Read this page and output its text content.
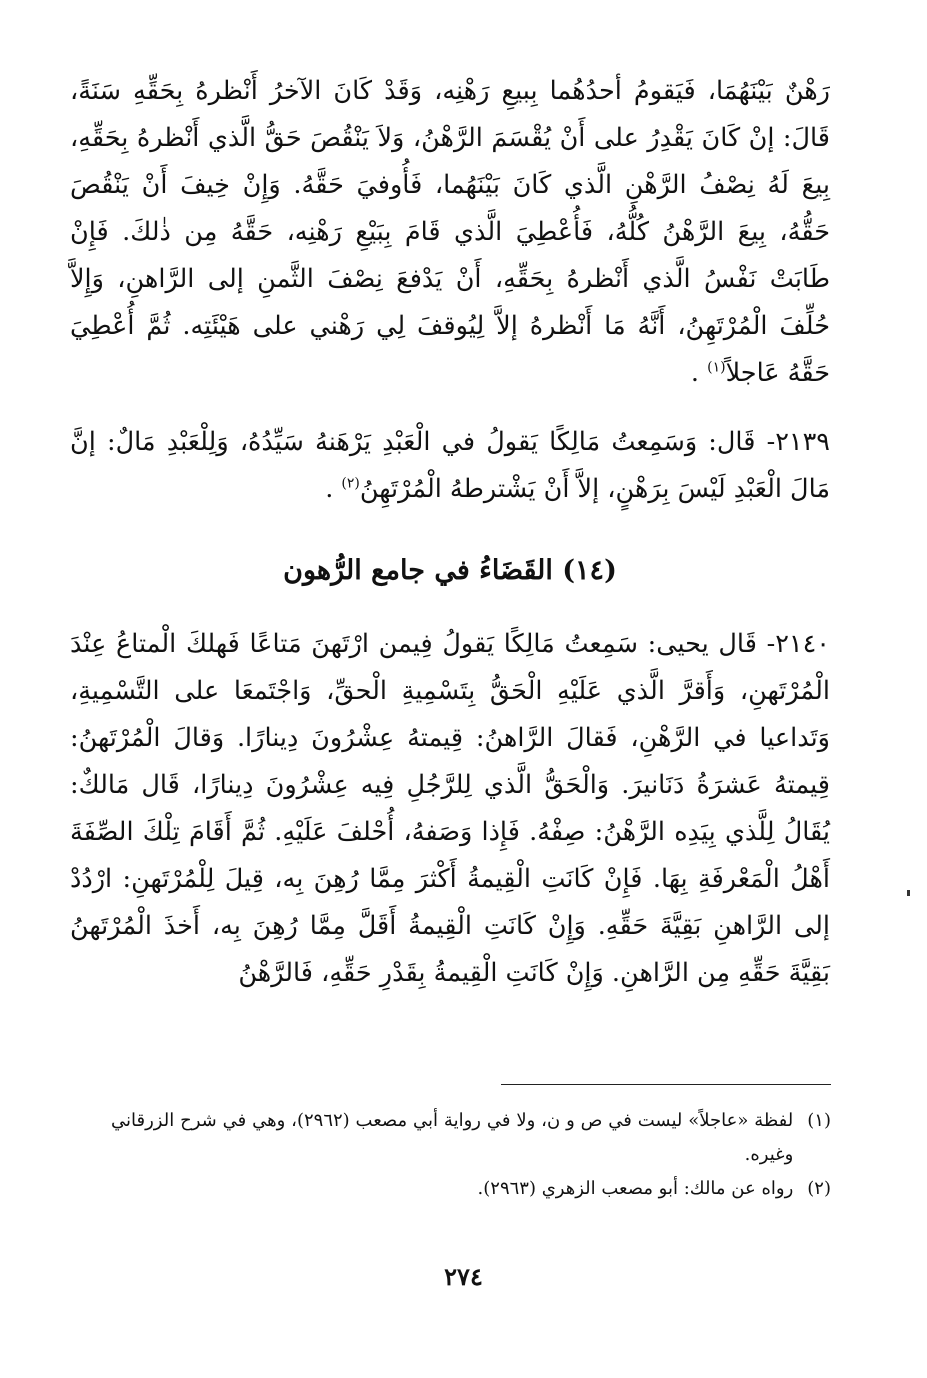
رَهْنٌ بَيْنَهُمَا، فَيَقومُ أحدُهُما بِبيعِ رَهْنِه، وَقَدْ كَانَ الآخرُ أَنْظرهُ بِحَقِّهِ سَنَةً، قَالَ: إنْ كَانَ يَقْدِرُ على أَنْ يُقْسَمَ الرَّهْنُ، وَلاَ يَنْقُصَ حَقُّ الَّذي أَنْظرهُ بِحَقِّهِ، بِيعَ لَهُ نِصْفُ الرَّهْنِ الَّذي كَانَ بَيْنَهُما، فَأُوفيَ حَقَّهُ. وَإِنْ خِيفَ أَنْ يَنْقُصَ حَقُّهُ، بِيعَ الرَّهْنُ كُلُّهُ، فَأُعْطِيَ الَّذي قَامَ بِبَيْعِ رَهْنِه، حَقَّهُ مِن ذٰلكَ. فَإِنْ طَابَتْ نَفْسُ الَّذي أَنْظرهُ بِحَقِّهِ، أَنْ يَدْفعَ نِصْفَ الثَّمنِ إلى الرَّاهنِ، وَإِلاَّ حُلِّفَ الْمُرْتَهِنُ، أَنَّهُ مَا أَنْظرهُ إلاَّ لِيُوقفَ لِي رَهْني على هَيْئَتِه. ثُمَّ أُعْطِيَ حَقَّهُ عَاجلاً$^{(١)}$ .

٢١٣٩- قَال: وَسَمِعتُ مَالِكًا يَقولُ في الْعَبْدِ يَرْهَنهُ سَيِّدُهُ، وَلِلْعَبْدِ مَالٌ: إنَّ مَالَ الْعَبْدِ لَيْسَ بِرَهْنٍ، إلاَّ أَنْ يَشْترطهُ الْمُرْتَهِنُ$^{(٢)}$ .

(١٤) القَضَاءُ في جامع الرُّهون

٢١٤٠- قَال يحيى: سَمِعتُ مَالِكًا يَقولُ فِيمن ارْتَهنَ مَتاعًا فَهلكَ الْمتاعُ عِنْدَ الْمُرْتَهنِ، وَأَقرَّ الَّذي عَلَيْهِ الْحَقُّ بِتَسْمِيةِ الْحقِّ، وَاجْتَمعَا على التَّسْمِيةِ، وَتَداعيا في الرَّهْنِ، فَقالَ الرَّاهنُ: قِيمتهُ عِشْرُونَ دِينارًا. وَقالَ الْمُرْتَهنُ: قِيمتهُ عَشرَةُ دَنَانيرَ. وَالْحَقُّ الَّذي لِلرَّجُلِ فِيه عِشْرُونَ دِينارًا، قَال مَالكٌ: يُقَالُ لِلَّذي بِيَدِه الرَّهْنُ: صِفْهُ. فَإِذا وَصَفهُ، أُحْلفَ عَلَيْهِ. ثُمَّ أَقَامَ تِلْكَ الصِّفَةَ أَهْلُ الْمَعْرفَةِ بِهَا. فَإِنْ كَانَتِ الْقِيمةُ أَكْثرَ مِمَّا رُهِنَ بِه، قِيلَ لِلْمُرْتَهنِ: ارْدُدْ إلى الرَّاهنِ بَقِيَّةَ حَقِّهِ. وَإِنْ كَانَتِ الْقِيمةُ أَقَلَّ مِمَّا رُهِنَ بِه، أَخذَ الْمُرْتَهنُ بَقِيَّةَ حَقِّهِ مِن الرَّاهنِ. وَإِنْ كَانَتِ الْقِيمةُ بِقَدْرِ حَقِّهِ، فَالرَّهْنُ

(١)
لفظة «عاجلاً» ليست في ص و ن، ولا في رواية أبي مصعب (٢٩٦٢)، وهي في شرح الزرقاني وغيره.
(٢)
رواه عن مالك: أبو مصعب الزهري (٢٩٦٣).
٢٧٤
